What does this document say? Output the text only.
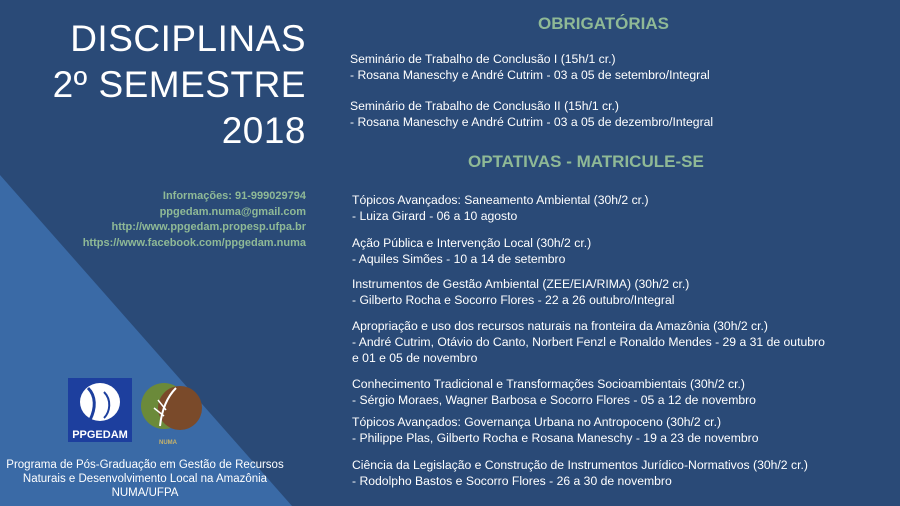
DISCIPLINAS
2º SEMESTRE
2018
Informações: 91-999029794
ppgedam.numa@gmail.com
http://www.ppgedam.propesp.ufpa.br
https://www.facebook.com/ppgedam.numa
PPGEDAM
NUMA
Programa de Pós-Graduação em Gestão de Recursos
Naturais e Desenvolvimento Local na Amazônia
NUMA/UFPA
OBRIGATÓRIAS
Seminário de Trabalho de Conclusão I (15h/1 cr.)
- Rosana Maneschy e André Cutrim - 03 a 05 de setembro/Integral
Seminário de Trabalho de Conclusão II (15h/1 cr.)
- Rosana Maneschy e André Cutrim - 03 a 05 de dezembro/Integral
OPTATIVAS - MATRICULE-SE
Tópicos Avançados: Saneamento Ambiental (30h/2 cr.)
- Luiza Girard - 06 a 10 agosto
Ação Pública e Intervenção Local (30h/2 cr.)
- Aquiles Simões - 10 a 14 de setembro
Instrumentos de Gestão Ambiental (ZEE/EIA/RIMA) (30h/2 cr.)
- Gilberto Rocha e Socorro Flores - 22 a 26 outubro/Integral
Apropriação e uso dos recursos naturais na fronteira da Amazônia (30h/2 cr.)
- André Cutrim, Otávio do Canto, Norbert Fenzl e Ronaldo Mendes - 29 a 31 de outubro
e 01 e 05 de novembro
Conhecimento Tradicional e Transformações Socioambientais (30h/2 cr.)
- Sérgio Moraes, Wagner Barbosa e Socorro Flores - 05 a 12 de novembro
Tópicos Avançados: Governança Urbana no Antropoceno (30h/2 cr.)
- Philippe Plas, Gilberto Rocha e Rosana Maneschy - 19 a 23 de novembro
Ciência da Legislação e Construção de Instrumentos Jurídico-Normativos (30h/2 cr.)
- Rodolpho Bastos e Socorro Flores - 26 a 30 de novembro
